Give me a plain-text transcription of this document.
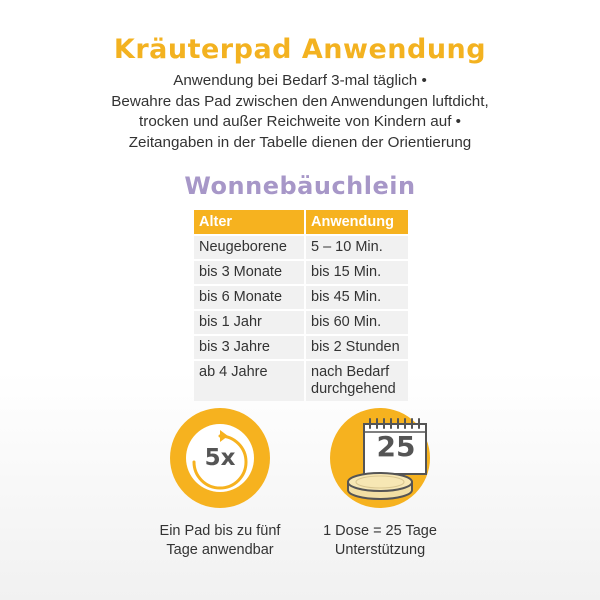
Kräuterpad Anwendung
Anwendung bei Bedarf 3-mal täglich •
Bewahre das Pad zwischen den Anwendungen luftdicht,
trocken und außer Reichweite von Kindern auf •
Zeitangaben in der Tabelle dienen der Orientierung
Wonnebäuchlein
Alter	Anwendung
Neugeborene	5 – 10 Min.
bis 3 Monate	bis 15 Min.
bis 6 Monate	bis 45 Min.
bis 1 Jahr	bis 60 Min.
bis 3 Jahre	bis 2 Stunden
ab 4 Jahre	nach Bedarf durchgehend
5x
Ein Pad bis zu fünf
Tage anwendbar
25
1 Dose = 25 Tage
Unterstützung
